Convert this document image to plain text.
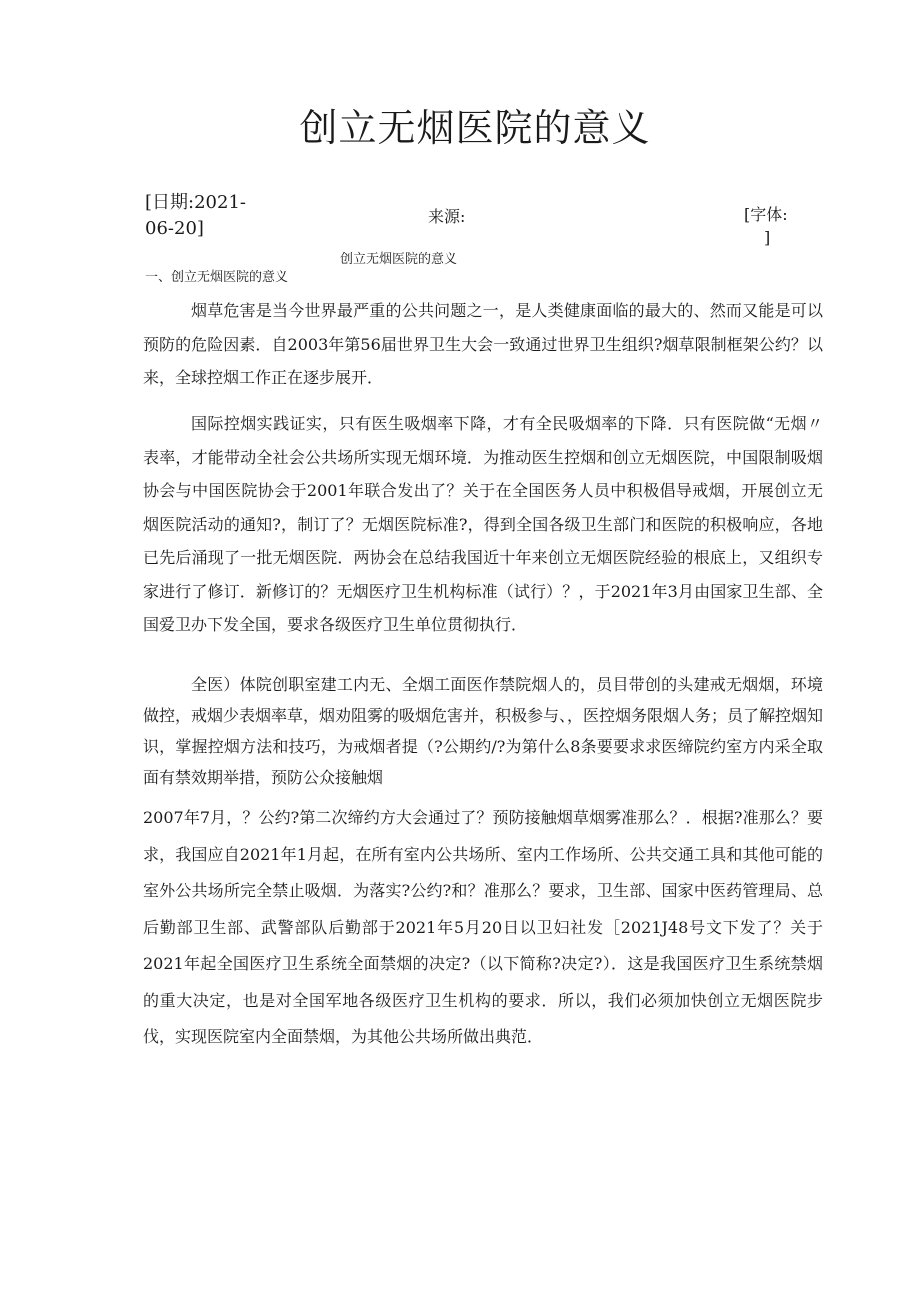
创立无烟医院的意义
[日期:2021-
06-20]
来源:	[字体:
]
创立无烟医院的意义
一、创立无烟医院的意义

烟草危害是当今世界最严重的公共问题之一，是人类健康面临的最大的、然而又能是可以预防的危险因素．自2003年第56届世界卫生大会一致通过世界卫生组织?烟草限制框架公约？以来，全球控烟工作正在逐步展开．

国际控烟实践证实，只有医生吸烟率下降，才有全民吸烟率的下降．只有医院做“无烟〃表率，才能带动全社会公共场所实现无烟环境．为推动医生控烟和创立无烟医院，中国限制吸烟协会与中国医院协会于2001年联合发出了？关于在全国医务人员中积极倡导戒烟，开展创立无烟医院活动的通知?，制订了？无烟医院标准?，得到全国各级卫生部门和医院的积极响应，各地已先后涌现了一批无烟医院．两协会在总结我国近十年来创立无烟医院经验的根底上，又组织专家进行了修订．新修订的？无烟医疗卫生机构标准（试行）？，于2021年3月由国家卫生部、全国爱卫办下发全国，要求各级医疗卫生单位贯彻执行．

全医）体院创职室建工内无、全烟工面医作禁院烟人的，员目带创的头建戒无烟烟，环境做控，戒烟少表烟率草，烟劝阻雾的吸烟危害并，积极参与、，医控烟务限烟人务；员了解控烟知识，掌握控烟方法和技巧，为戒烟者提（?公期约/?为第什么8条要要求求医缔院约室方内采全取面有禁效期举措，预防公众接触烟

2007年7月，？公约?第二次缔约方大会通过了？预防接触烟草烟雾准那么？．根据?准那么？要求，我国应自2021年1月起，在所有室内公共场所、室内工作场所、公共交通工具和其他可能的室外公共场所完全禁止吸烟．为落实?公约?和？准那么？要求，卫生部、国家中医药管理局、总后勤部卫生部、武警部队后勤部于2021年5月20日以卫妇社发［2021J48号文下发了？关于2021年起全国医疗卫生系统全面禁烟的决定?（以下简称?决定?）．这是我国医疗卫生系统禁烟的重大决定，也是对全国军地各级医疗卫生机构的要求．所以，我们必须加快创立无烟医院步伐，实现医院室内全面禁烟，为其他公共场所做出典范．
